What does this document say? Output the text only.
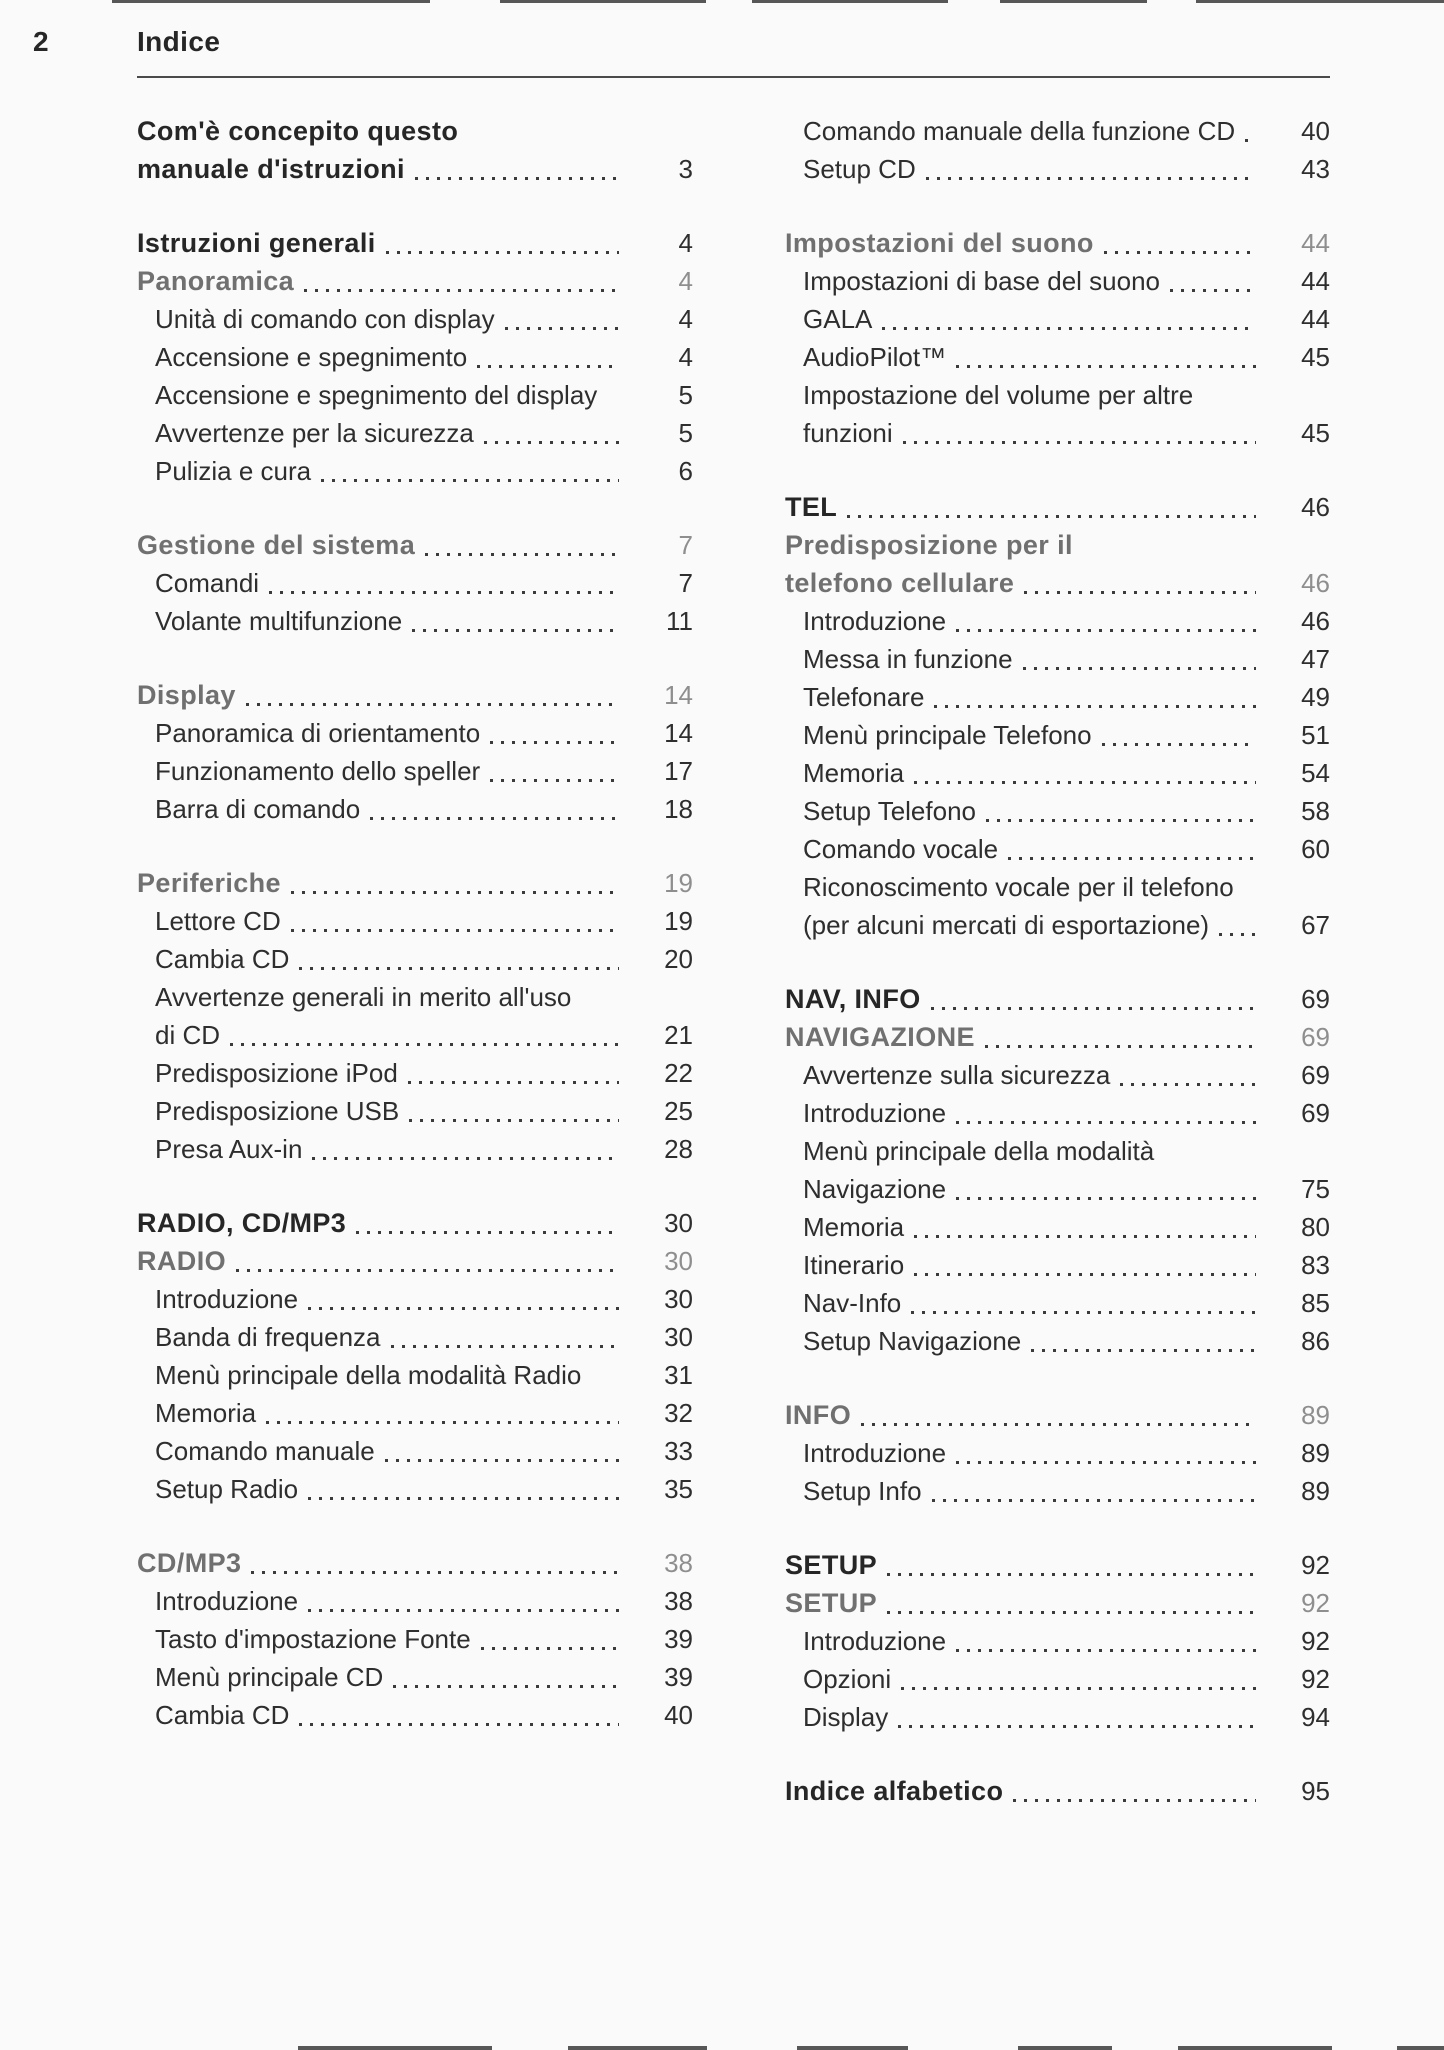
2	Indice
Com'è concepito questo
manuale d'istruzioni	3
Istruzioni generali	4
Panoramica	4
Unità di comando con display	4
Accensione e spegnimento	4
Accensione e spegnimento del display	5
Avvertenze per la sicurezza	5
Pulizia e cura	6
Gestione del sistema	7
Comandi	7
Volante multifunzione	11
Display	14
Panoramica di orientamento	14
Funzionamento dello speller	17
Barra di comando	18
Periferiche	19
Lettore CD	19
Cambia CD	20
Avvertenze generali in merito all'uso
di CD	21
Predisposizione iPod	22
Predisposizione USB	25
Presa Aux-in	28
RADIO, CD/MP3	30
RADIO	30
Introduzione	30
Banda di frequenza	30
Menù principale della modalità Radio	31
Memoria	32
Comando manuale	33
Setup Radio	35
CD/MP3	38
Introduzione	38
Tasto d'impostazione Fonte	39
Menù principale CD	39
Cambia CD	40
Comando manuale della funzione CD	40
Setup CD	43
Impostazioni del suono	44
Impostazioni di base del suono	44
GALA	44
AudioPilot™	45
Impostazione del volume per altre
funzioni	45
TEL	46
Predisposizione per il
telefono cellulare	46
Introduzione	46
Messa in funzione	47
Telefonare	49
Menù principale Telefono	51
Memoria	54
Setup Telefono	58
Comando vocale	60
Riconoscimento vocale per il telefono
(per alcuni mercati di esportazione)	67
NAV, INFO	69
NAVIGAZIONE	69
Avvertenze sulla sicurezza	69
Introduzione	69
Menù principale della modalità
Navigazione	75
Memoria	80
Itinerario	83
Nav-Info	85
Setup Navigazione	86
INFO	89
Introduzione	89
Setup Info	89
SETUP	92
SETUP	92
Introduzione	92
Opzioni	92
Display	94
Indice alfabetico	95
